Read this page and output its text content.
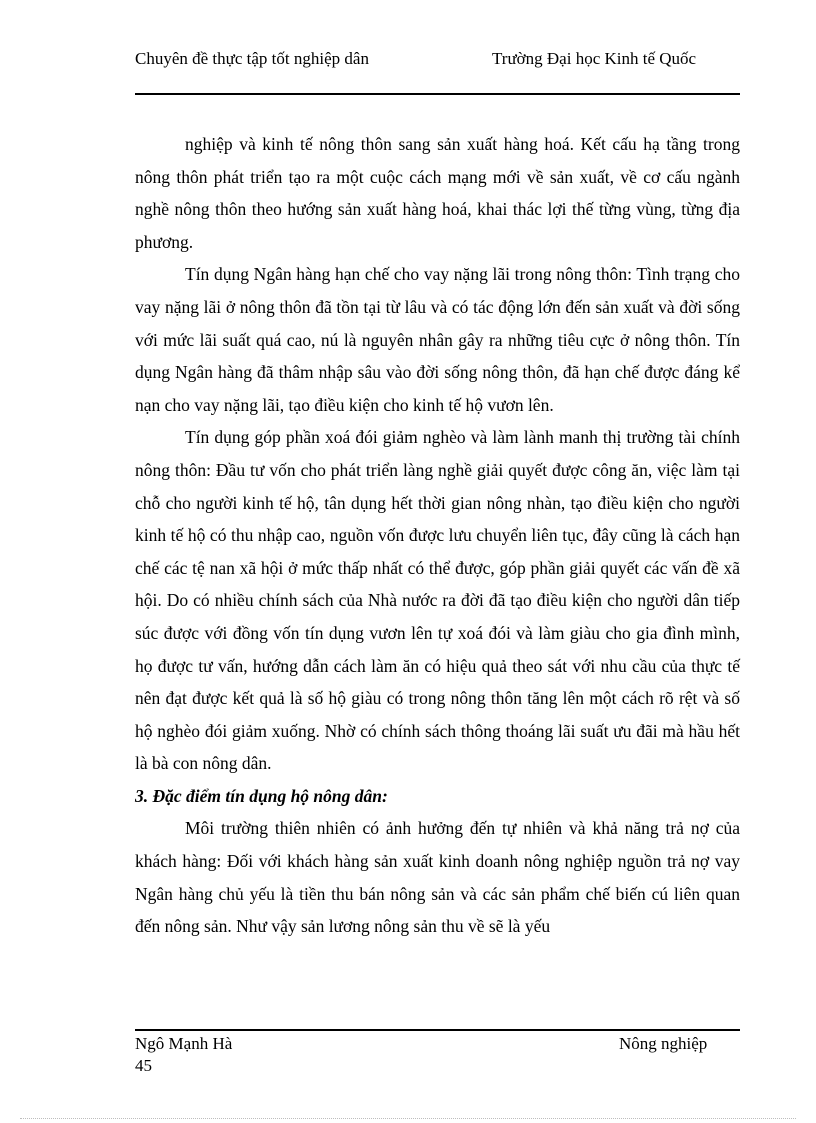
Chuyên đề thực tập tốt nghiệp dân	Trường Đại học Kinh tế Quốc

nghiệp và kinh tế nông thôn sang sản xuất hàng hoá. Kết cấu hạ tầng trong nông thôn phát triển tạo ra một cuộc cách mạng mới về sản xuất, về cơ cấu ngành nghề nông thôn theo hướng sản xuất hàng hoá, khai thác lợi thế từng vùng, từng địa phương.

Tín dụng Ngân hàng hạn chế cho vay nặng lãi trong nông thôn: Tình trạng cho vay nặng lãi ở nông thôn đã tồn tại từ lâu và có tác động lớn đến sản xuất và đời sống với mức lãi suất quá cao, nú là nguyên nhân gây ra những tiêu cực ở nông thôn. Tín dụng Ngân hàng đã thâm nhập sâu vào đời sống nông thôn, đã hạn chế được đáng kể nạn cho vay nặng lãi, tạo điều kiện cho kinh tế hộ vươn lên.

Tín dụng góp phần xoá đói giảm nghèo và làm lành manh thị trường tài chính nông thôn: Đầu tư vốn cho phát triển làng nghề giải quyết được công ăn, việc làm tại chỗ cho người kinh tế hộ, tân dụng hết thời gian nông nhàn, tạo điều kiện cho người kinh tế hộ có thu nhập cao, nguồn vốn được lưu chuyển liên tục, đây cũng là cách hạn chế các tệ nan xã hội ở mức thấp nhất có thể được, góp phần giải quyết các vấn đề xã hội. Do có nhiều chính sách của Nhà nước ra đời đã tạo điều kiện cho người dân tiếp súc được với đồng vốn tín dụng vươn lên tự xoá đói và làm giàu cho gia đình mình, họ được tư vấn, hướng dẫn cách làm ăn có hiệu quả theo sát với nhu cầu của thực tế nên đạt được kết quả là số hộ giàu có trong nông thôn tăng lên một cách rõ rệt và số hộ nghèo đói giảm xuống. Nhờ có chính sách thông thoáng lãi suất ưu đãi mà hầu hết là bà con nông dân.

3. Đặc điểm tín dụng hộ nông dân:

Môi trường thiên nhiên có ảnh hưởng đến tự nhiên và khả năng trả nợ của khách hàng: Đối với khách hàng sản xuất kinh doanh nông nghiệp nguồn trả nợ vay Ngân hàng chủ yếu là tiền thu bán nông sản và các sản phẩm chế biến cú liên quan đến nông sản. Như vậy sản lương nông sản thu về sẽ là yếu

Ngô Mạnh Hà	Nông nghiệp
45
